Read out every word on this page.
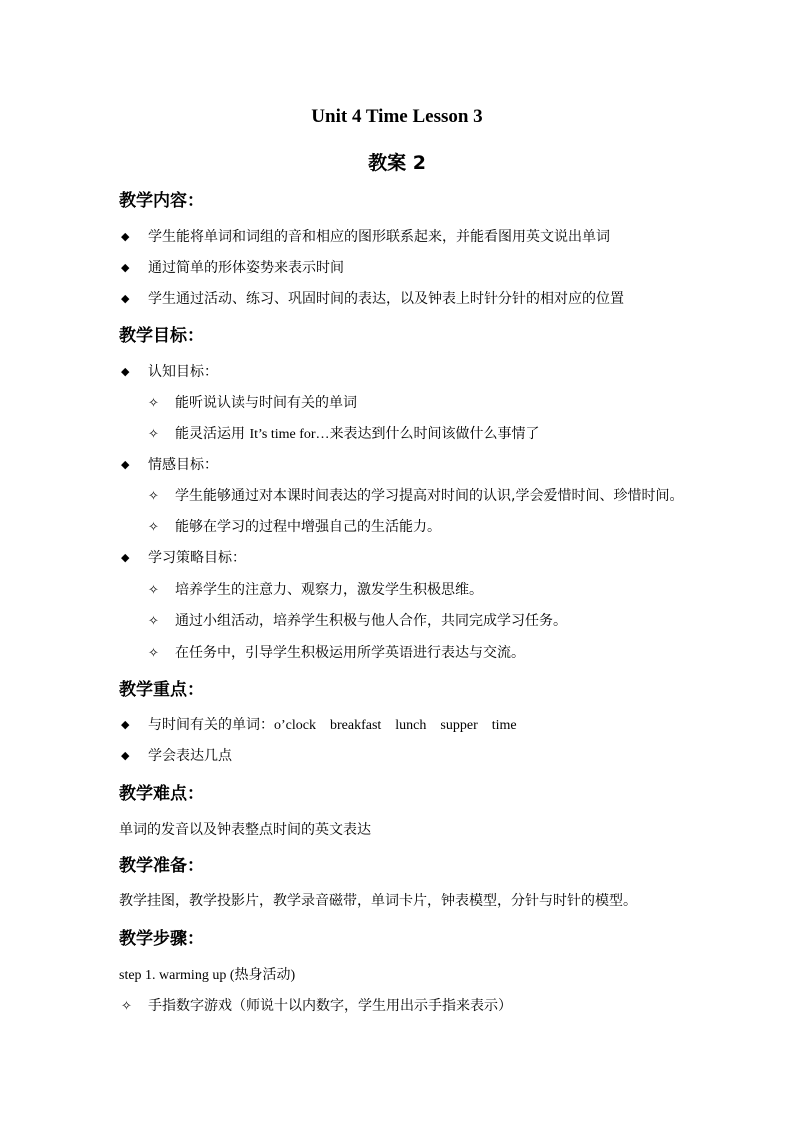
Unit 4 Time Lesson 3
教案 2
教学内容：
◆ 学生能将单词和词组的音和相应的图形联系起来，并能看图用英文说出单词
◆ 通过简单的形体姿势来表示时间
◆ 学生通过活动、练习、巩固时间的表达，以及钟表上时针分针的相对应的位置
教学目标：
◆ 认知目标：
✧ 能听说认读与时间有关的单词
✧ 能灵活运用 It’s time for…来表达到什么时间该做什么事情了
◆ 情感目标：
✧ 学生能够通过对本课时间表达的学习提高对时间的认识,学会爱惜时间、珍惜时间。
✧ 能够在学习的过程中增强自己的生活能力。
◆ 学习策略目标：
✧ 培养学生的注意力、观察力，激发学生积极思维。
✧ 通过小组活动，培养学生积极与他人合作，共同完成学习任务。
✧ 在任务中，引导学生积极运用所学英语进行表达与交流。
教学重点：
◆ 与时间有关的单词：o’clock breakfast lunch supper time
◆ 学会表达几点
教学难点：
单词的发音以及钟表整点时间的英文表达
教学准备：
教学挂图，教学投影片，教学录音磁带，单词卡片，钟表模型，分针与时针的模型。
教学步骤：
step 1. warming up (热身活动)
✧ 手指数字游戏（师说十以内数字，学生用出示手指来表示）
